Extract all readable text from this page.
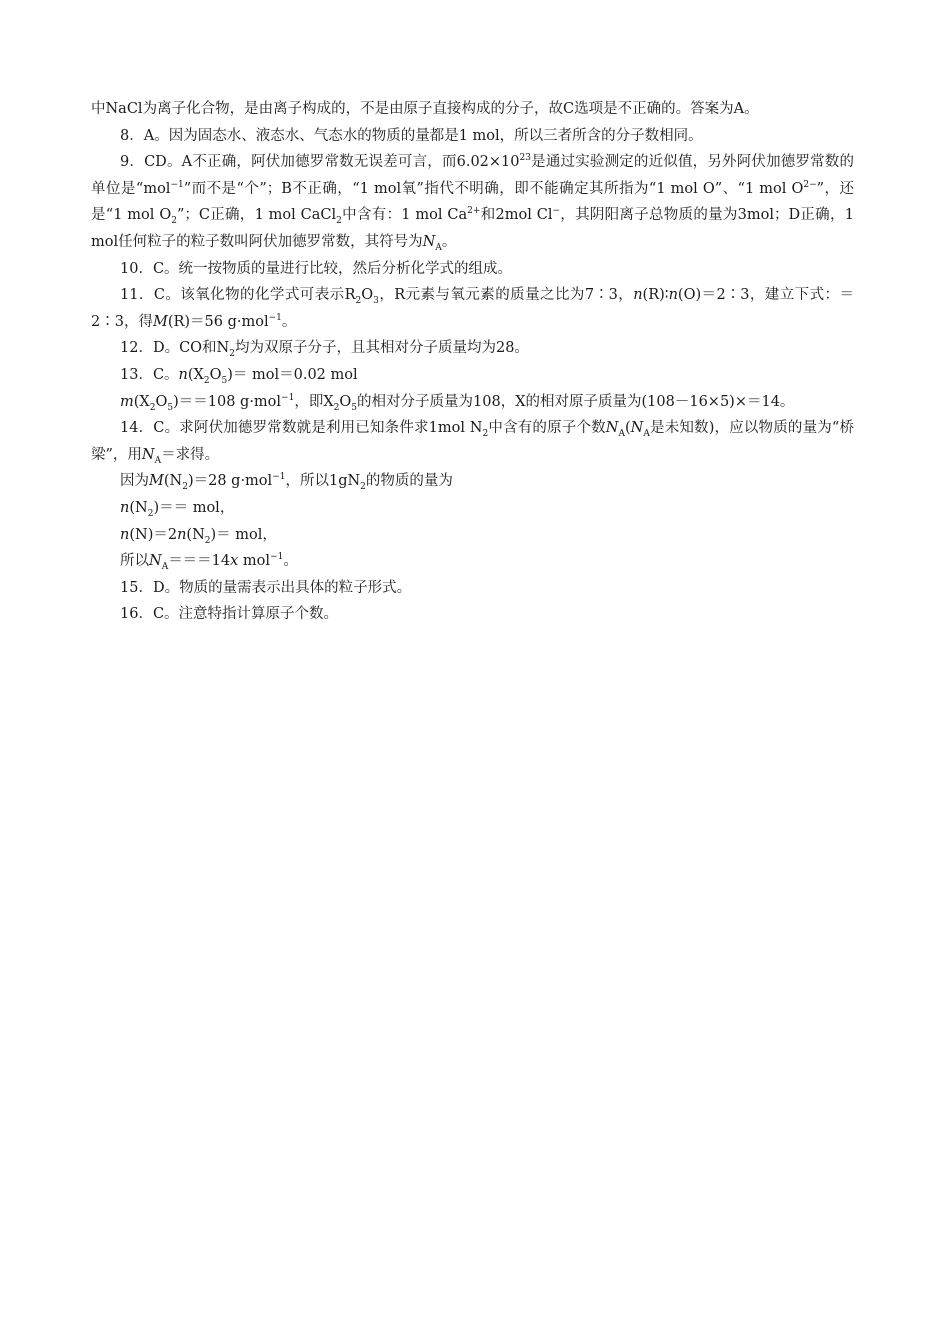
中NaCl为离子化合物，是由离子构成的，不是由原子直接构成的分子，故C选项是不正确的。答案为A。

8．A。因为固态水、液态水、气态水的物质的量都是1 mol，所以三者所含的分子数相同。

9．CD。A不正确，阿伏加德罗常数无误差可言，而$6.02\times 10^{23}$是通过实验测定的近似值，另外阿伏加德罗常数的单位是“mol$^{-1}$”而不是“个”；B不正确，“1 mol氧”指代不明确，即不能确定其所指为“1 mol O”、“1 mol $O^{2-}$”，还是“1 mol $O_2$”；C正确，1 mol CaCl$_2$中含有：1 mol $Ca^{2+}$和2mol Cl−，其阴阳离子总物质的量为3mol；D正确，1 mol任何粒子的粒子数叫阿伏加德罗常数，其符号为$N_A$。

10．C。统一按物质的量进行比较，然后分析化学式的组成。

11．C。该氧化物的化学式可表示$R_2O_3$，R元素与氧元素的质量之比为7∶3，n(R)∶n(O)＝2∶3，建立下式：＝2∶3，得M(R)＝56 g·mol$^{-1}$。

12．D。CO和$N_2$均为双原子分子，且其相对分子质量均为28。

13．C。$n(X_2O_5)= mol=0.02$ mol

$m(X_2O_5)==108$ g·mol$^{-1}$，即$X_2O_5$的相对分子质量为108，X的相对原子质量为(108－16×5)×＝14。

14．C。求阿伏加德罗常数就是利用已知条件求1mol $N_2$中含有的原子个数$N_A(N_A$是未知数)，应以物质的量为“桥梁”，用$N_A=$求得。

因为$M(N_2)=28$ g·mol$^{-1}$，所以$1gN_2$的物质的量为

$n(N_2)==$ mol，

$n(N)=2n(N_2)=$ mol，

所以$N_A===14x$ mol$^{-1}$。

15．D。物质的量需表示出具体的粒子形式。

16．C。注意特指计算原子个数。
